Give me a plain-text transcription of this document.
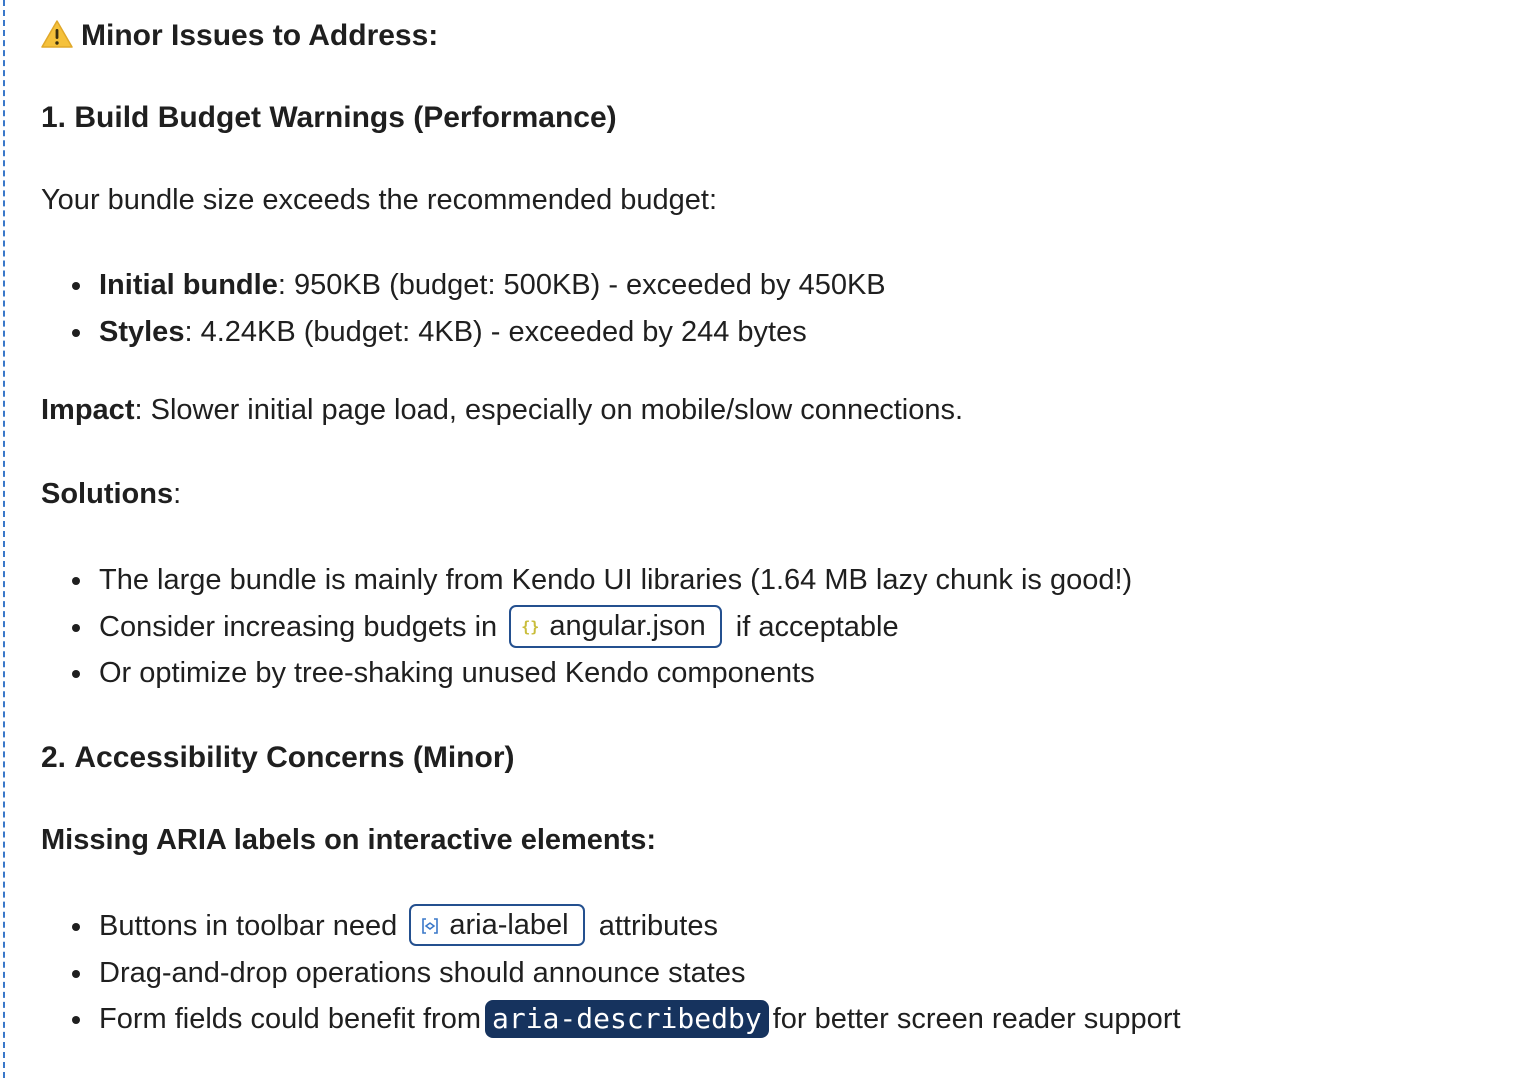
Minor Issues to Address:
1. Build Budget Warnings (Performance)
Your bundle size exceeds the recommended budget:
Initial bundle: 950KB (budget: 500KB) - exceeded by 450KB
Styles: 4.24KB (budget: 4KB) - exceeded by 244 bytes
Impact: Slower initial page load, especially on mobile/slow connections.
Solutions:
The large bundle is mainly from Kendo UI libraries (1.64 MB lazy chunk is good!)
Consider increasing budgets in {} angular.json if acceptable
Or optimize by tree-shaking unused Kendo components
2. Accessibility Concerns (Minor)
Missing ARIA labels on interactive elements:
Buttons in toolbar need aria-label attributes
Drag-and-drop operations should announce states
Form fields could benefit from aria-describedby for better screen reader support
